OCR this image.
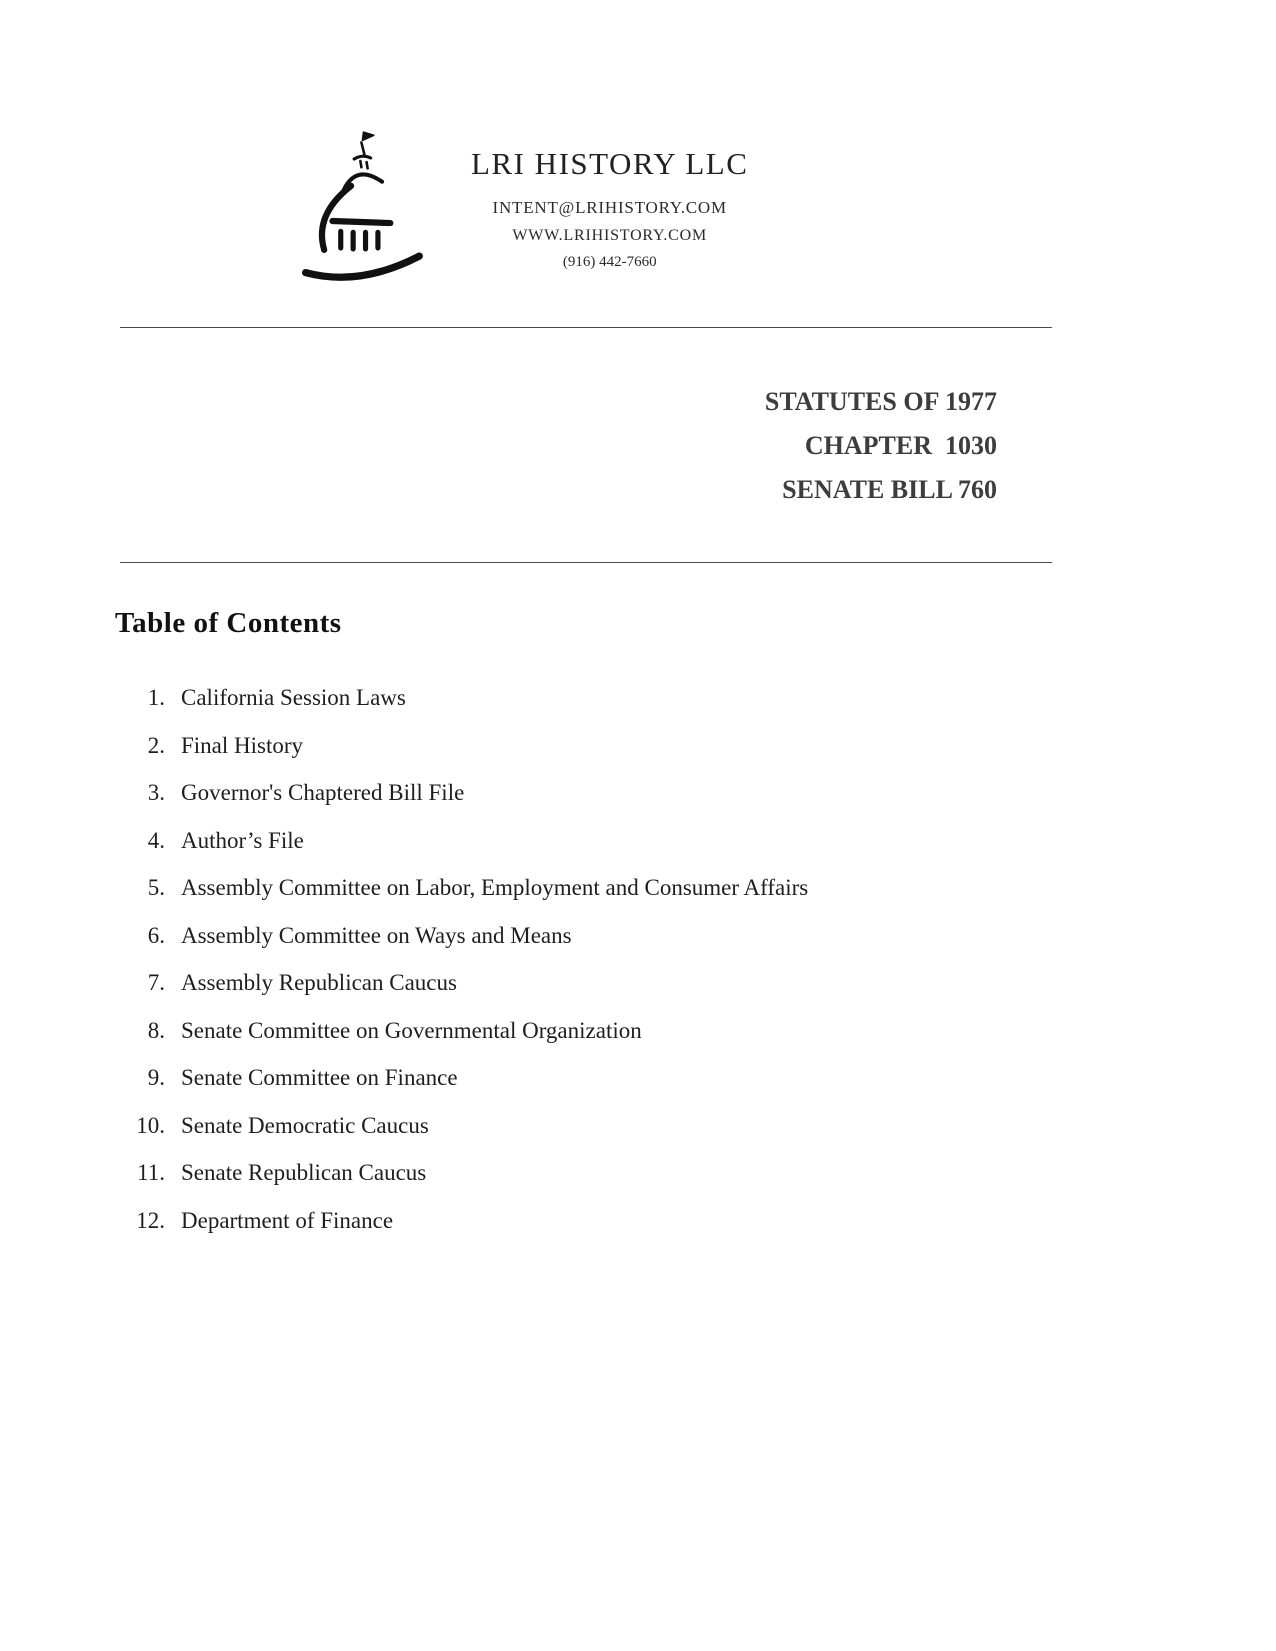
LRI HISTORY LLC
INTENT@LRIHISTORY.COM
WWW.LRIHISTORY.COM
(916) 442-7660
STATUTES OF 1977
CHAPTER  1030
SENATE BILL 760
Table of Contents
1. California Session Laws
2. Final History
3. Governor's Chaptered Bill File
4. Author’s File
5. Assembly Committee on Labor, Employment and Consumer Affairs
6. Assembly Committee on Ways and Means
7. Assembly Republican Caucus
8. Senate Committee on Governmental Organization
9. Senate Committee on Finance
10. Senate Democratic Caucus
11. Senate Republican Caucus
12. Department of Finance
